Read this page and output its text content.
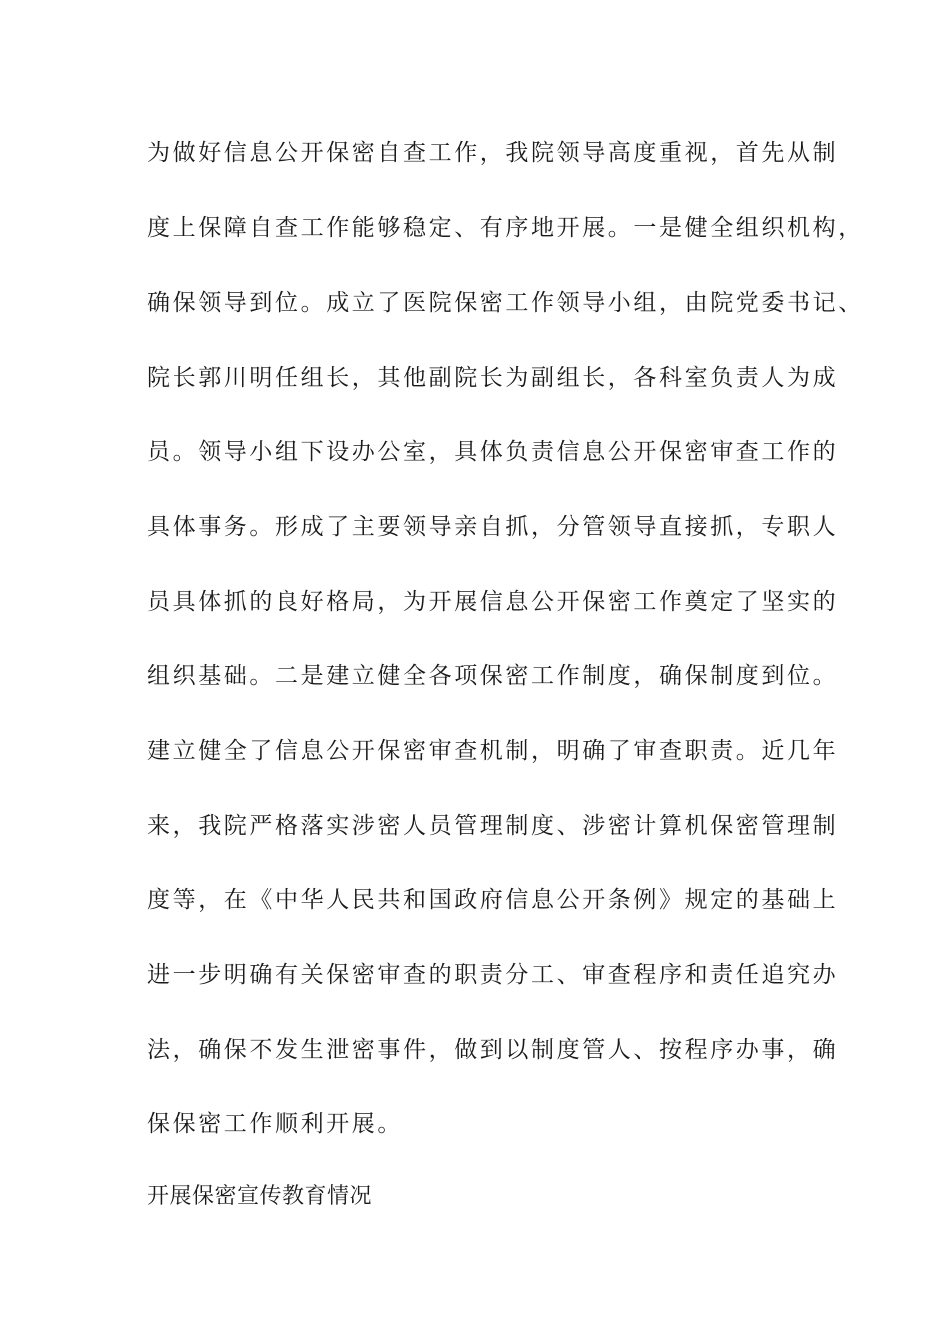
为做好信息公开保密自查工作，我院领导高度重视，首先从制
度上保障自查工作能够稳定、有序地开展。一是健全组织机构，
确保领导到位。成立了医院保密工作领导小组，由院党委书记、
院长郭川明任组长，其他副院长为副组长，各科室负责人为成
员。领导小组下设办公室，具体负责信息公开保密审查工作的
具体事务。形成了主要领导亲自抓，分管领导直接抓，专职人
员具体抓的良好格局，为开展信息公开保密工作奠定了坚实的
组织基础。二是建立健全各项保密工作制度，确保制度到位。
建立健全了信息公开保密审查机制，明确了审查职责。近几年
来，我院严格落实涉密人员管理制度、涉密计算机保密管理制
度等，在《中华人民共和国政府信息公开条例》规定的基础上
进一步明确有关保密审查的职责分工、审查程序和责任追究办
法，确保不发生泄密事件，做到以制度管人、按程序办事，确
保保密工作顺利开展。
开展保密宣传教育情况
